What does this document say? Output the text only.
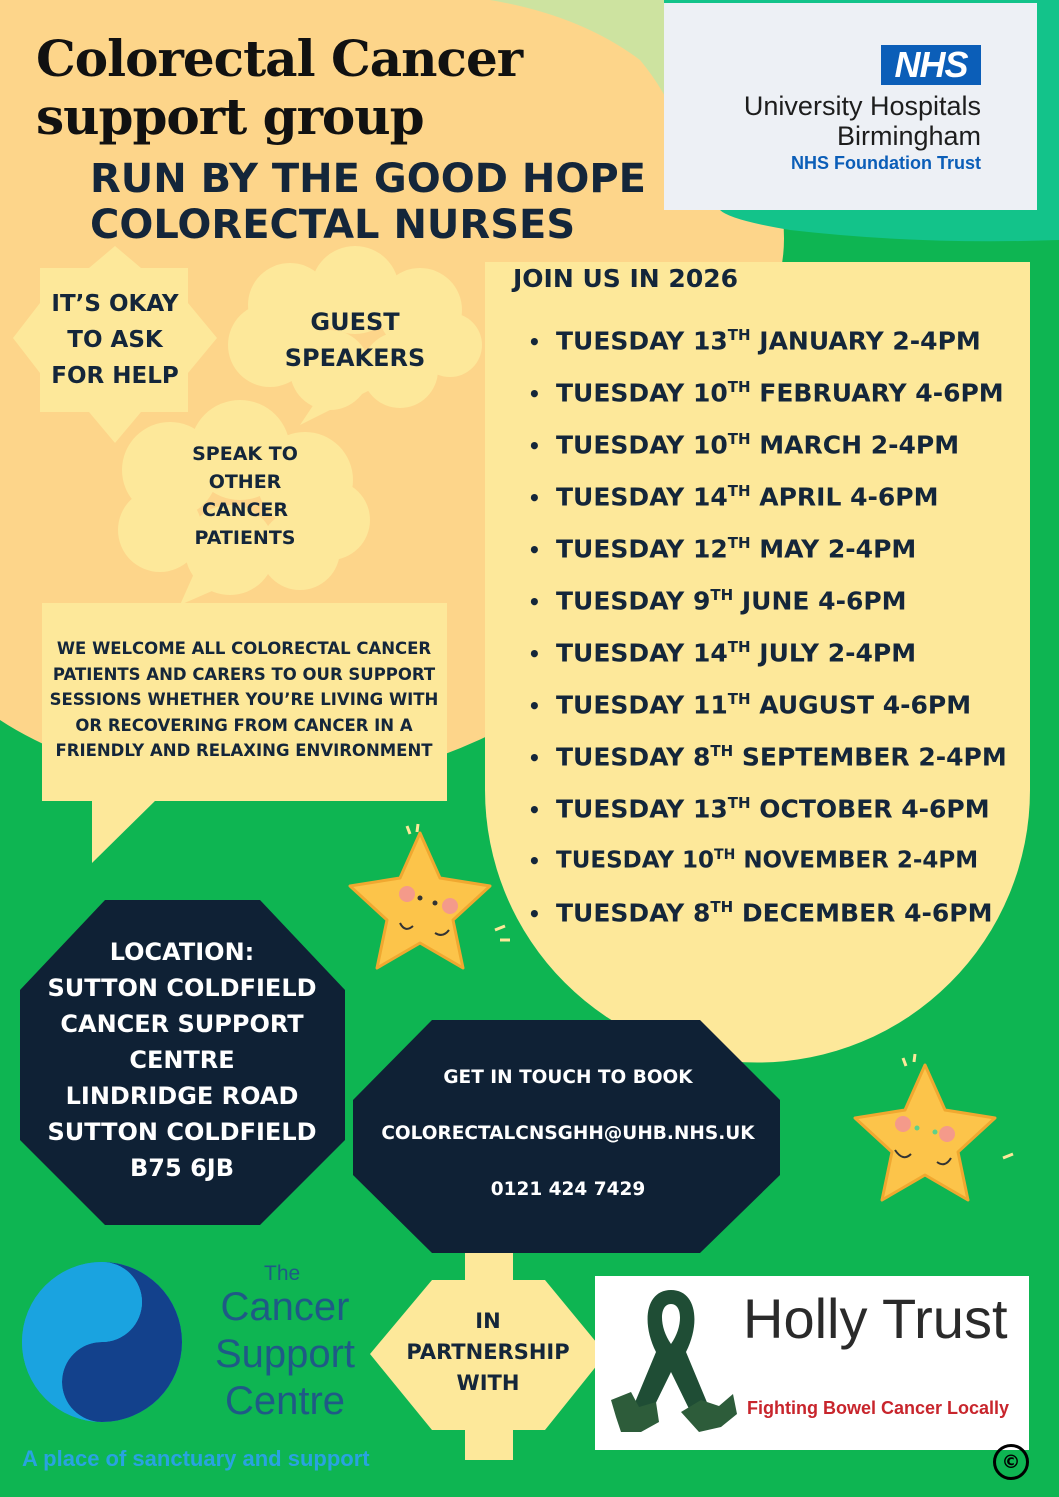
Colorectal Cancer
support group
RUN BY THE GOOD HOPE
COLORECTAL NURSES
NHS
University Hospitals
Birmingham
NHS Foundation Trust

IT’S OKAY
TO ASK
FOR HELP

GUEST
SPEAKERS

SPEAK TO
OTHER
CANCER
PATIENTS

WE WELCOME ALL COLORECTAL CANCER
PATIENTS AND CARERS TO OUR SUPPORT
SESSIONS WHETHER YOU’RE LIVING WITH
OR RECOVERING FROM CANCER IN A
FRIENDLY AND RELAXING ENVIRONMENT

JOIN US IN 2026
• TUESDAY 13TH JANUARY 2-4PM
• TUESDAY 10TH FEBRUARY 4-6PM
• TUESDAY 10TH MARCH 2-4PM
• TUESDAY 14TH APRIL 4-6PM
• TUESDAY 12TH MAY 2-4PM
• TUESDAY 9TH JUNE 4-6PM
• TUESDAY 14TH JULY 2-4PM
• TUESDAY 11TH AUGUST 4-6PM
• TUESDAY 8TH SEPTEMBER 2-4PM
• TUESDAY 13TH OCTOBER 4-6PM
• TUESDAY 10TH NOVEMBER 2-4PM
• TUESDAY 8TH DECEMBER 4-6PM

LOCATION:
SUTTON COLDFIELD
CANCER SUPPORT
CENTRE
LINDRIDGE ROAD
SUTTON COLDFIELD
B75 6JB

GET IN TOUCH TO BOOK
COLORECTALCNSGHH@UHB.NHS.UK
0121 424 7429

IN
PARTNERSHIP
WITH

The

Cancer
Support
Centre

A place of sanctuary and support
Holly Trust
Fighting Bowel Cancer Locally
©
